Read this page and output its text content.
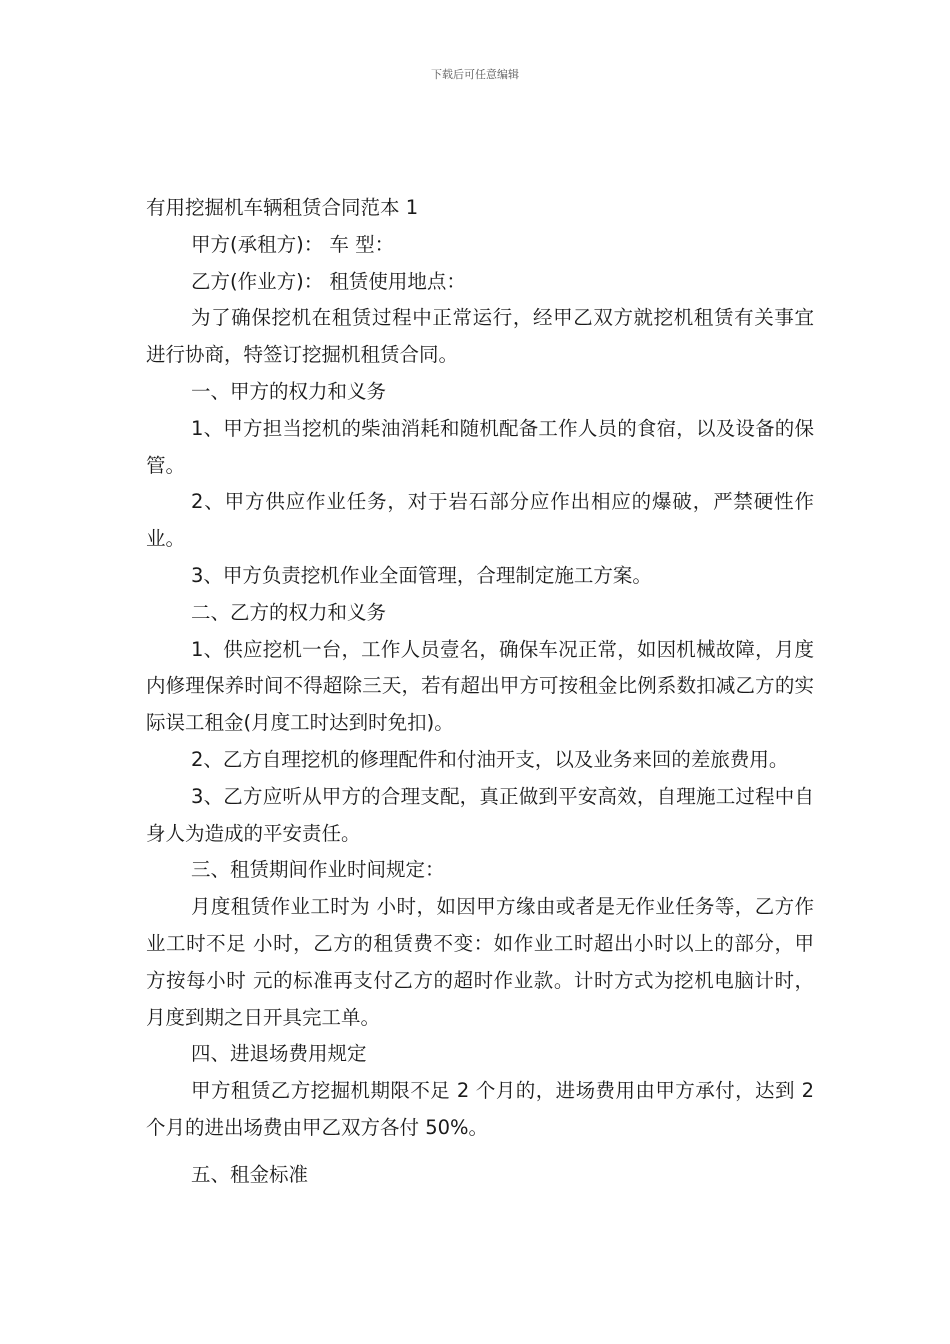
下载后可任意编辑

有用挖掘机车辆租赁合同范本 1

甲方(承租方)： 车 型：

乙方(作业方)： 租赁使用地点：

为了确保挖机在租赁过程中正常运行，经甲乙双方就挖机租赁有关事宜进行协商，特签订挖掘机租赁合同。

一、甲方的权力和义务

1、甲方担当挖机的柴油消耗和随机配备工作人员的食宿，以及设备的保管。

2、甲方供应作业任务，对于岩石部分应作出相应的爆破，严禁硬性作业。

3、甲方负责挖机作业全面管理，合理制定施工方案。

二、乙方的权力和义务

1、供应挖机一台，工作人员壹名，确保车况正常，如因机械故障，月度内修理保养时间不得超除三天，若有超出甲方可按租金比例系数扣减乙方的实际误工租金(月度工时达到时免扣)。

2、乙方自理挖机的修理配件和付油开支，以及业务来回的差旅费用。

3、乙方应听从甲方的合理支配，真正做到平安高效，自理施工过程中自身人为造成的平安责任。

三、租赁期间作业时间规定：

月度租赁作业工时为 小时，如因甲方缘由或者是无作业任务等，乙方作业工时不足 小时，乙方的租赁费不变：如作业工时超出小时以上的部分，甲方按每小时 元的标准再支付乙方的超时作业款。计时方式为挖机电脑计时，月度到期之日开具完工单。

四、进退场费用规定

甲方租赁乙方挖掘机期限不足 2 个月的，进场费用由甲方承付，达到 2 个月的进出场费由甲乙双方各付 50%。

五、租金标准
